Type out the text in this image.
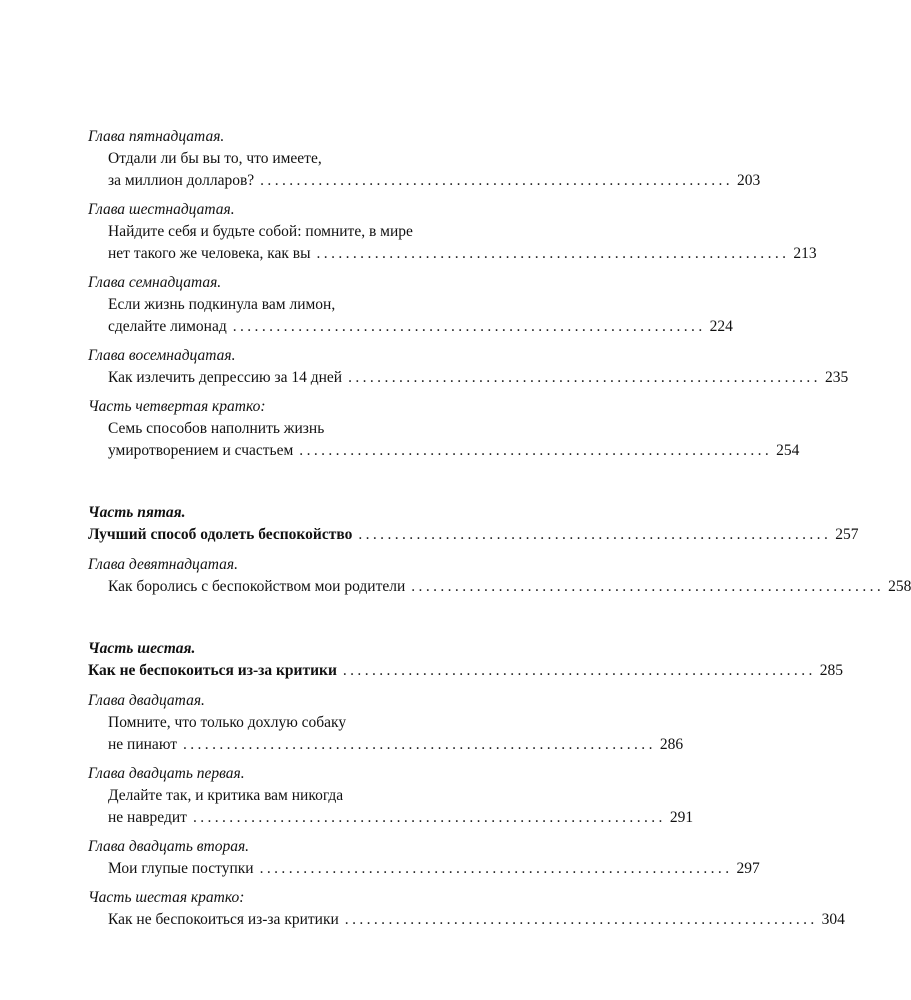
Глава пятнадцатая.
Отдали ли бы вы то, что имеете,
за миллион долларов? ................................................................. 203
Глава шестнадцатая.
Найдите себя и будьте собой: помните, в мире
нет такого же человека, как вы ................................................................. 213
Глава семнадцатая.
Если жизнь подкинула вам лимон,
сделайте лимонад ................................................................. 224
Глава восемнадцатая.
Как излечить депрессию за 14 дней ................................................................. 235
Часть четвертая кратко:
Семь способов наполнить жизнь
умиротворением и счастьем ................................................................. 254
Часть пятая.
Лучший способ одолеть беспокойство ................................................................. 257
Глава девятнадцатая.
Как боролись с беспокойством мои родители ................................................................. 258
Часть шестая.
Как не беспокоиться из-за критики ................................................................. 285
Глава двадцатая.
Помните, что только дохлую собаку
не пинают ................................................................. 286
Глава двадцать первая.
Делайте так, и критика вам никогда
не навредит ................................................................. 291
Глава двадцать вторая.
Мои глупые поступки ................................................................. 297
Часть шестая кратко:
Как не беспокоиться из-за критики ................................................................. 304
